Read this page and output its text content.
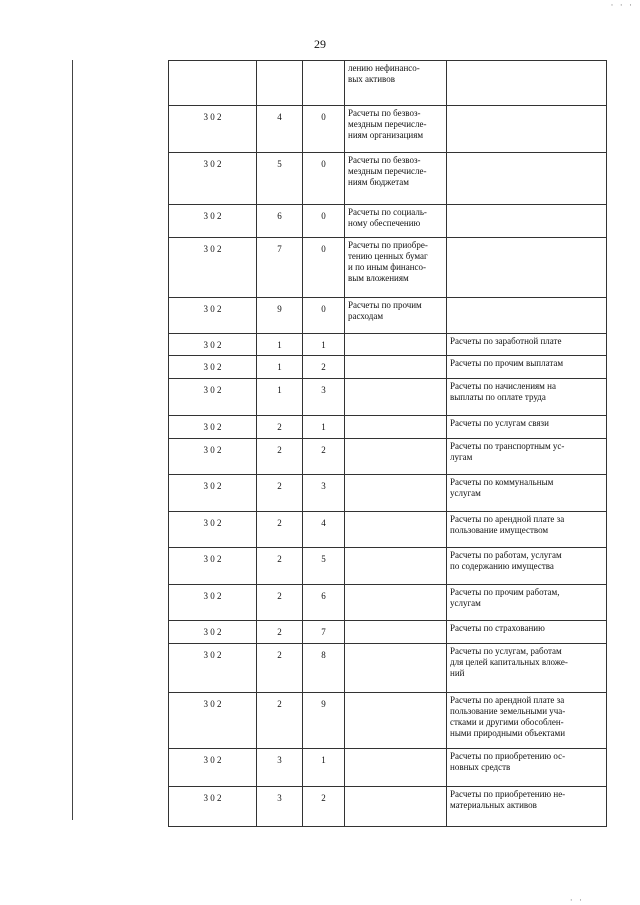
· · ·
29
			лению нефинансо-
вых активов	
3 0 2	4	0	Расчеты по безвоз-
мездным перечисле-
ниям организациям	
3 0 2	5	0	Расчеты по безвоз-
мездным перечисле-
ниям бюджетам	
3 0 2	6	0	Расчеты по социаль-
ному обеспечению	
3 0 2	7	0	Расчеты по приобре-
тению ценных бумаг
и по иным финансо-
вым вложениям	
3 0 2	9	0	Расчеты по прочим
расходам	
3 0 2	1	1		Расчеты по заработной плате
3 0 2	1	2		Расчеты по прочим выплатам
3 0 2	1	3		Расчеты по начислениям на
выплаты по оплате труда
3 0 2	2	1		Расчеты по услугам связи
3 0 2	2	2		Расчеты по транспортным ус-
лугам
3 0 2	2	3		Расчеты по коммунальным
услугам
3 0 2	2	4		Расчеты по арендной плате за
пользование имуществом
3 0 2	2	5		Расчеты по работам, услугам
по содержанию имущества
3 0 2	2	6		Расчеты по прочим работам,
услугам
3 0 2	2	7		Расчеты по страхованию
3 0 2	2	8		Расчеты по услугам, работам
для целей капитальных вложе-
ний
3 0 2	2	9		Расчеты по арендной плате за
пользование земельными уча-
стками и другими обособлен-
ными природными объектами
3 0 2	3	1		Расчеты по приобретению ос-
новных средств
3 0 2	3	2		Расчеты по приобретению не-
материальных активов
· ·
